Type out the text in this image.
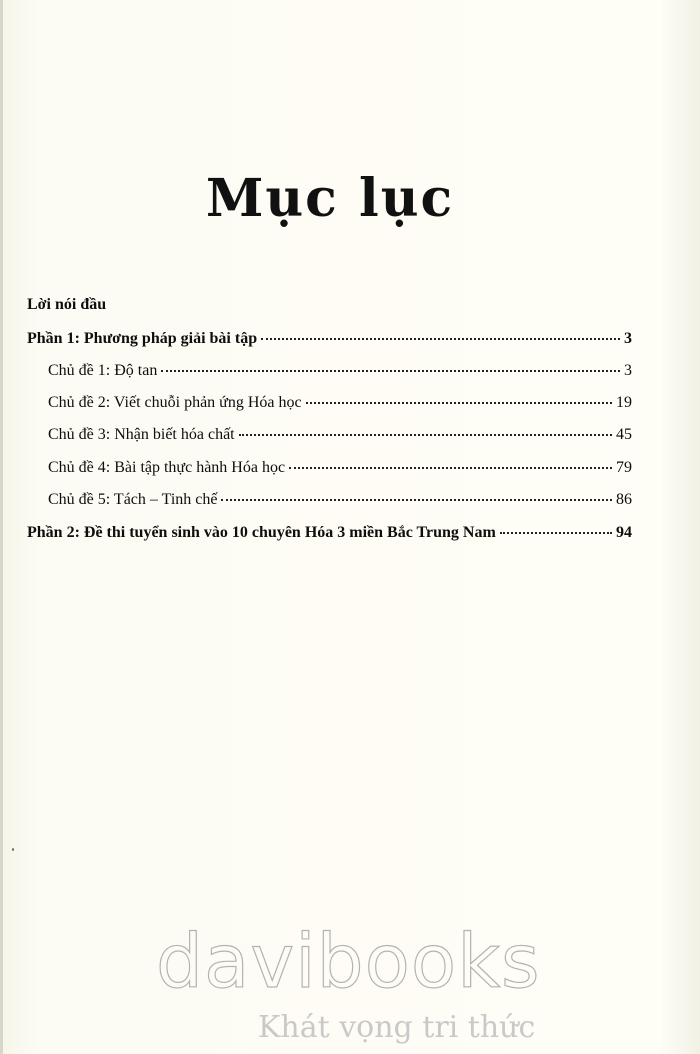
Mục lục
Lời nói đầu
Phần 1: Phương pháp giải bài tập	3
Chủ đề 1: Độ tan	3
Chủ đề 2: Viết chuỗi phản ứng Hóa học	19
Chủ đề 3: Nhận biết hóa chất	45
Chủ đề 4: Bài tập thực hành Hóa học	79
Chủ đề 5: Tách – Tinh chế	86
Phần 2: Đề thi tuyển sinh vào 10 chuyên Hóa 3 miền Bắc Trung Nam	94
davibooks
Khát vọng tri thức
